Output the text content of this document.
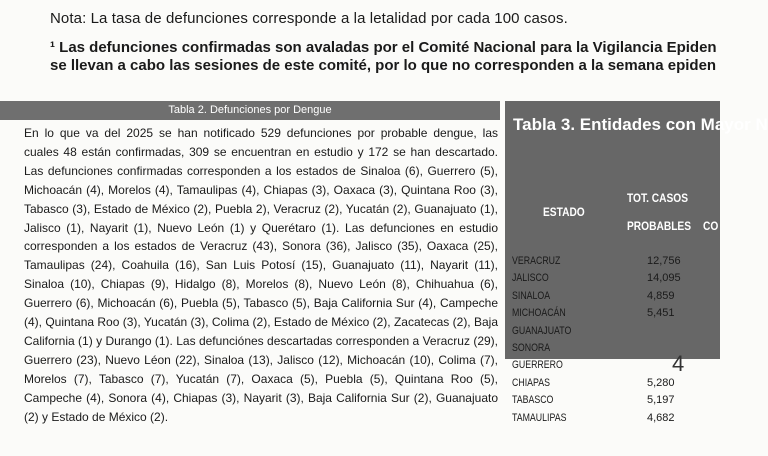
Nota: La tasa de defunciones corresponde a la letalidad por cada 100 casos.
¹ Las defunciones confirmadas son avaladas por el Comité Nacional para la Vigilancia Epiden
se llevan a cabo las sesiones de este comité, por lo que no corresponden a la semana epiden
Tabla 2. Defunciones por Dengue
En lo que va del 2025 se han notificado 529 defunciones por probable dengue, las cuales 48 están confirmadas, 309 se encuentran en estudio y 172 se han descartado. Las defunciones confirmadas corresponden a los estados de Sinaloa (6), Guerrero (5), Michoacán (4), Morelos (4), Tamaulipas (4), Chiapas (3), Oaxaca (3), Quintana Roo (3), Tabasco (3), Estado de México (2), Puebla 2), Veracruz (2), Yucatán (2), Guanajuato (1), Jalisco (1), Nayarit (1), Nuevo León (1) y Querétaro (1). Las defunciones en estudio corresponden a los estados de Veracruz (43), Sonora (36), Jalisco (35), Oaxaca (25), Tamaulipas (24), Coahuila (16), San Luis Potosí (15), Guanajuato (11), Nayarit (11), Sinaloa (10), Chiapas (9), Hidalgo (8), Morelos (8), Nuevo León (8), Chihuahua (6), Guerrero (6), Michoacán (6), Puebla (5), Tabasco (5), Baja California Sur (4), Campeche (4), Quintana Roo (3), Yucatán (3), Colima (2), Estado de México (2), Zacatecas (2), Baja California (1) y Durango (1). Las defunciónes descartadas corresponden a Veracruz (29), Guerrero (23), Nuevo Léon (22), Sinaloa (13), Jalisco (12), Michoacán (10), Colima (7), Morelos (7), Tabasco (7), Yucatán (7), Oaxaca (5), Puebla (5), Quintana Roo (5), Campeche (4), Sonora (4), Chiapas (3), Nayarit (3), Baja California Sur (2), Guanajuato (2) y Estado de México (2).
Tabla 3. Entidades con Mayor N
ESTADO
TOT. CASOS
PROBABLES CO
VERACRUZ	12,756
JALISCO	14,095
SINALOA	4,859
MICHOACÁN	5,451
GUANAJUATO
SONORA
GUERRERO
CHIAPAS	5,280
TABASCO	5,197
TAMAULIPAS	4,682
4
